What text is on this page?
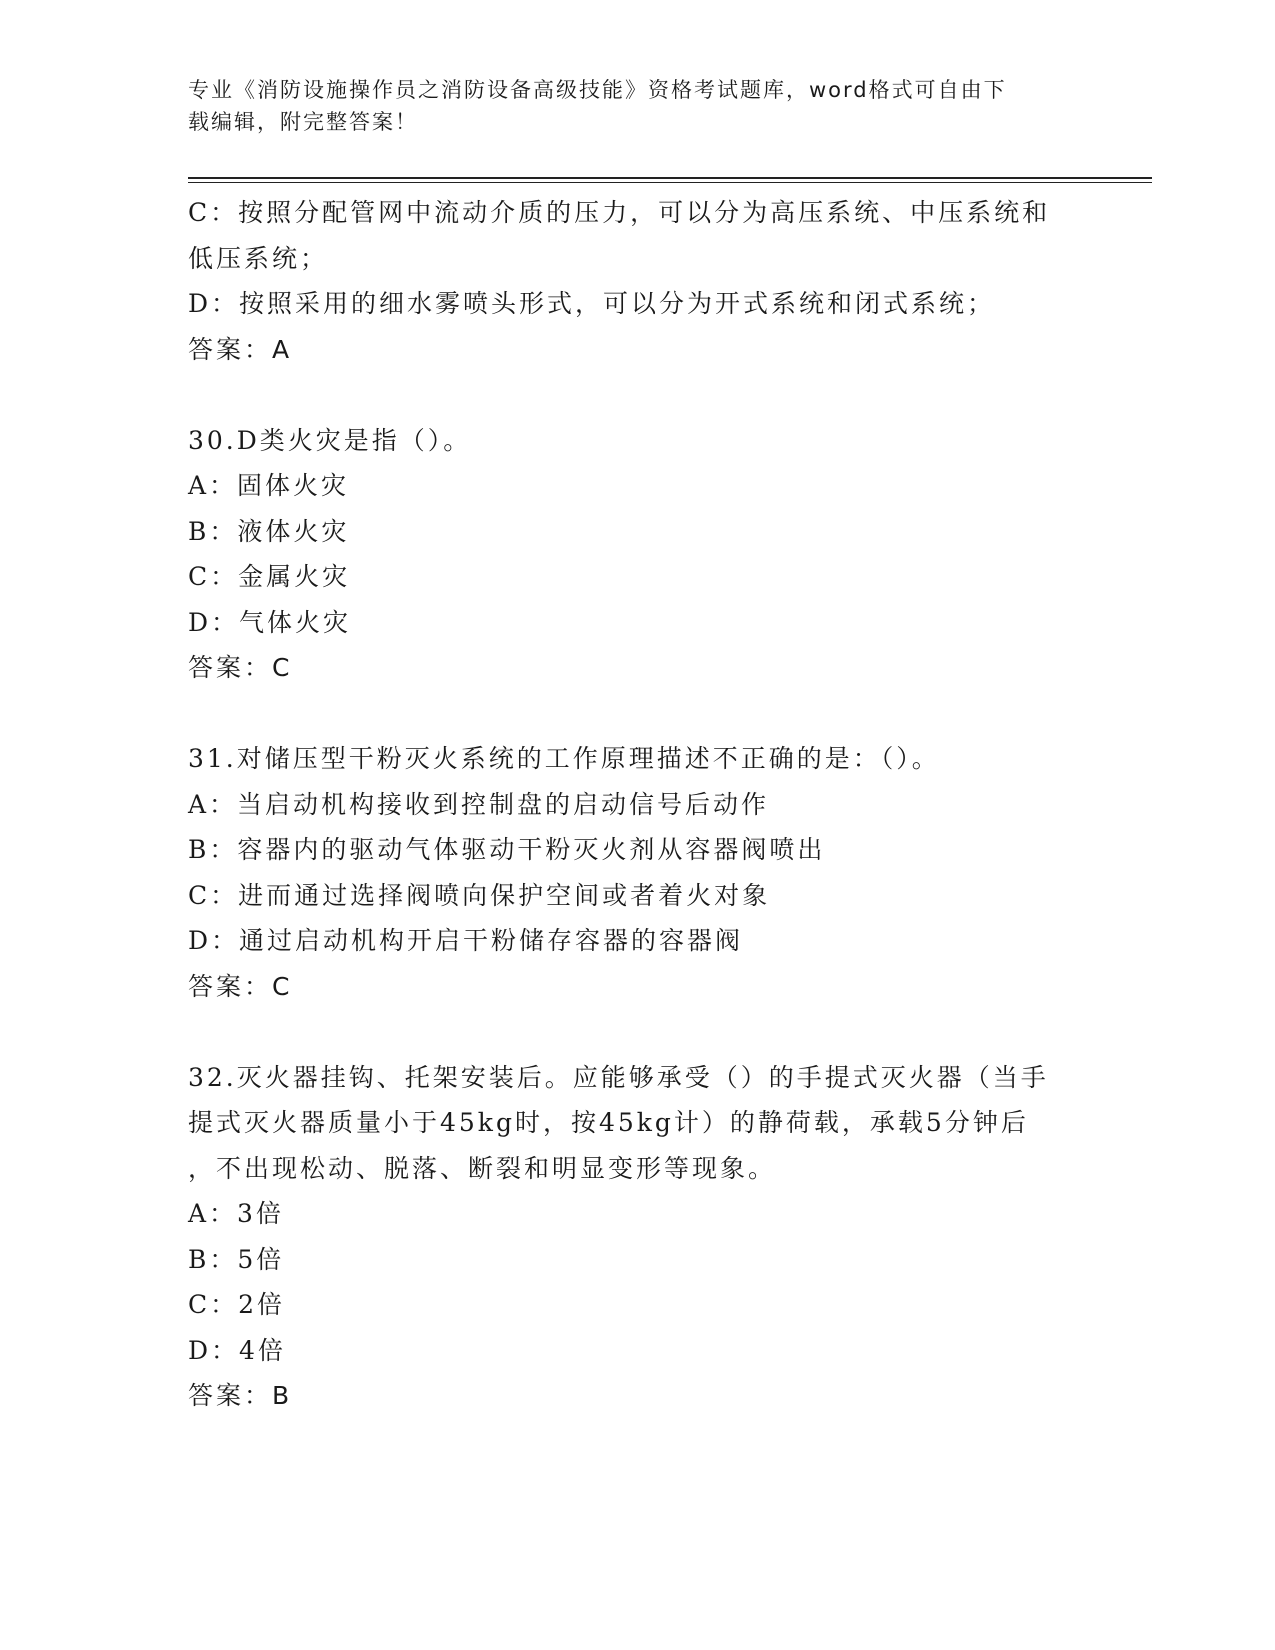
专业《消防设施操作员之消防设备高级技能》资格考试题库，word格式可自由下
载编辑，附完整答案！
C：按照分配管网中流动介质的压力，可以分为高压系统、中压系统和
低压系统；
D：按照采用的细水雾喷头形式，可以分为开式系统和闭式系统；
答案：A
30.D类火灾是指（）。
A：固体火灾
B：液体火灾
C：金属火灾
D：气体火灾
答案：C
31.对储压型干粉灭火系统的工作原理描述不正确的是：（）。
A：当启动机构接收到控制盘的启动信号后动作
B：容器内的驱动气体驱动干粉灭火剂从容器阀喷出
C：进而通过选择阀喷向保护空间或者着火对象
D：通过启动机构开启干粉储存容器的容器阀
答案：C
32.灭火器挂钩、托架安装后。应能够承受（）的手提式灭火器（当手
提式灭火器质量小于45kg时，按45kg计）的静荷载，承载5分钟后
，不出现松动、脱落、断裂和明显变形等现象。
A：3倍
B：5倍
C：2倍
D：4倍
答案：B
